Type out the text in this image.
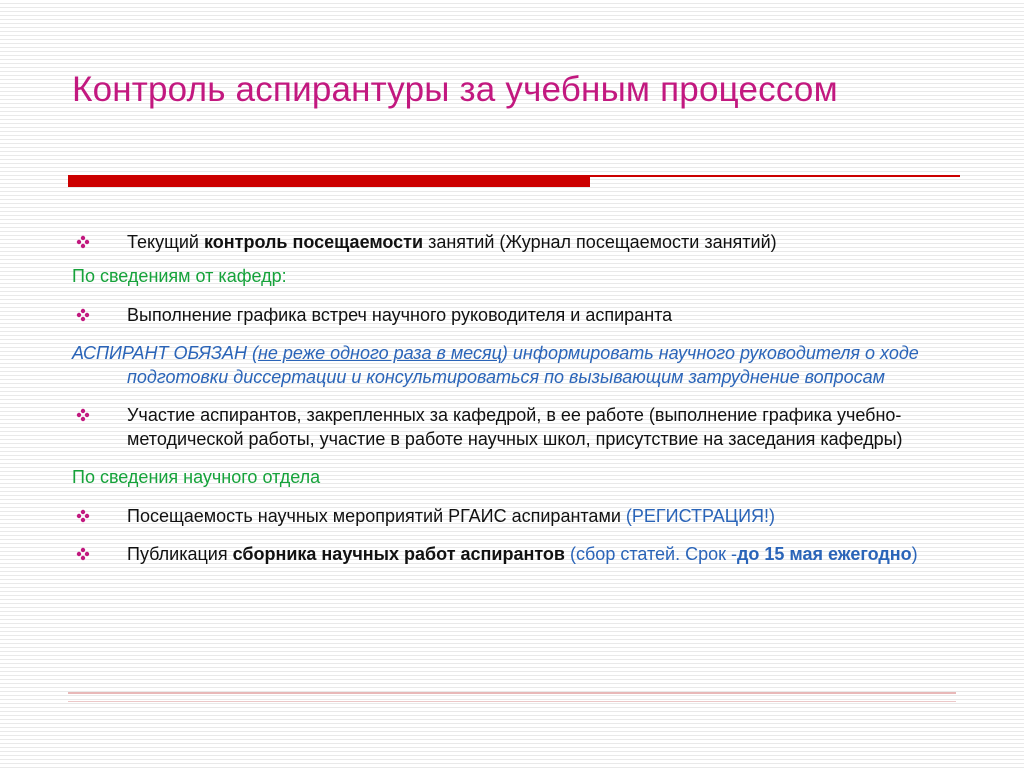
Контроль аспирантуры за учебным процессом
Текущий контроль посещаемости занятий (Журнал посещаемости занятий)
По сведениям от кафедр:
Выполнение графика встреч научного руководителя и аспиранта
АСПИРАНТ ОБЯЗАН (не реже одного раза в месяц) информировать научного руководителя о ходе подготовки диссертации и консультироваться по вызывающим затруднение вопросам
Участие аспирантов, закрепленных за кафедрой, в ее работе (выполнение графика учебно-методической работы, участие в работе научных школ, присутствие на заседания кафедры)
По сведения научного отдела
Посещаемость научных мероприятий РГАИС аспирантами (РЕГИСТРАЦИЯ!)
Публикация сборника научных работ аспирантов (сбор статей. Срок -до 15 мая ежегодно)
